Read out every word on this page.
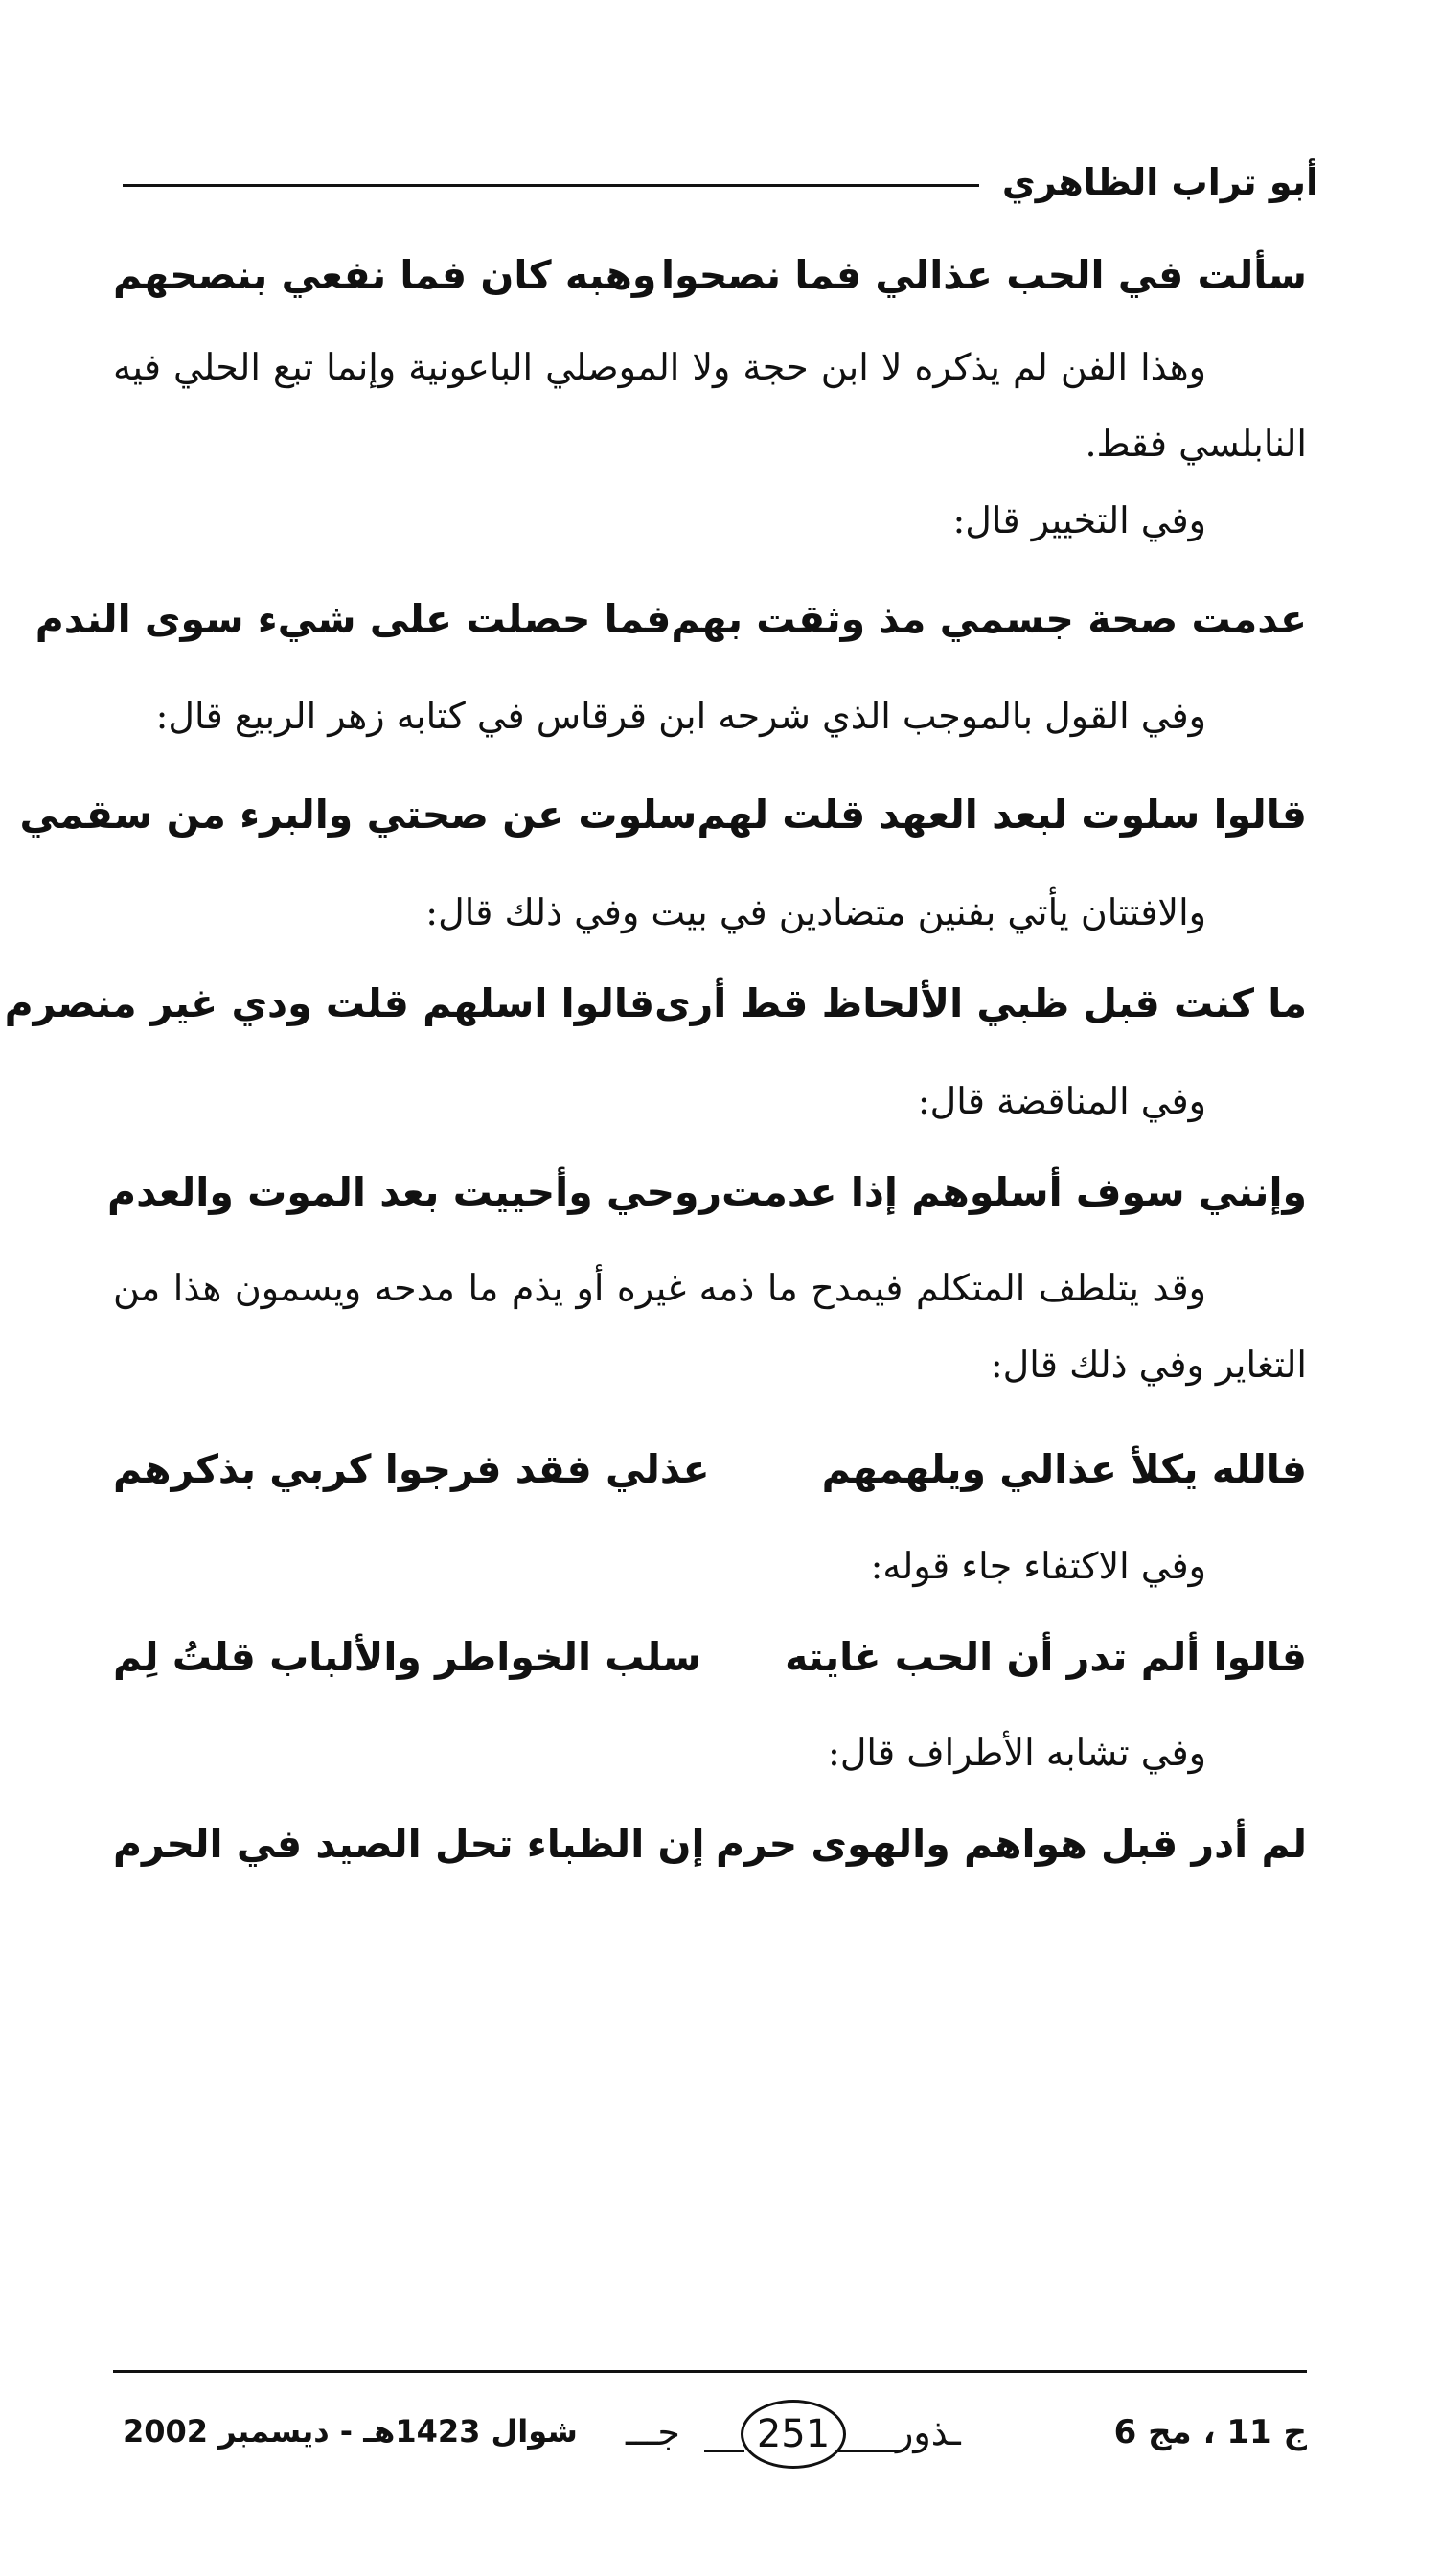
أبو تراب الظاهري
سألت في الحب عذالي فما نصحوا
وهبه كان فما نفعي بنصحهم

وهذا الفن لم يذكره لا ابن حجة ولا الموصلي الباعونية وإنما تبع الحلي فيه النابلسي فقط.

وفي التخيير قال:

عدمت صحة جسمي مذ وثقت بهم
فما حصلت على شيء سوى الندم

وفي القول بالموجب الذي شرحه ابن قرقاس في كتابه زهر الربيع قال:

قالوا سلوت لبعد العهد قلت لهم
سلوت عن صحتي والبرء من سقمي

والافتتان يأتي بفنين متضادين في بيت وفي ذلك قال:

ما كنت قبل ظبي الألحاظ قط أرى
قالوا اسلهم قلت ودي غير منصرم

وفي المناقضة قال:

وإنني سوف أسلوهم إذا عدمت
روحي وأحييت بعد الموت والعدم

وقد يتلطف المتكلم فيمدح ما ذمه غيره أو يذم ما مدحه ويسمون هذا من التغاير وفي ذلك قال:

فالله يكلأ عذالي ويلهمهم
عذلي فقد فرجوا كربي بذكرهم

وفي الاكتفاء جاء قوله:

قالوا ألم تدر أن الحب غايته
سلب الخواطر والألباب قلتُ لِم

وفي تشابه الأطراف قال:

لم أدر قبل هواهم والهوى حرم
إن الظباء تحل الصيد في الحرم
ج 11 ، مج 6
جـــ	251	ـذور
شوال 1423هـ - ديسمبر 2002
